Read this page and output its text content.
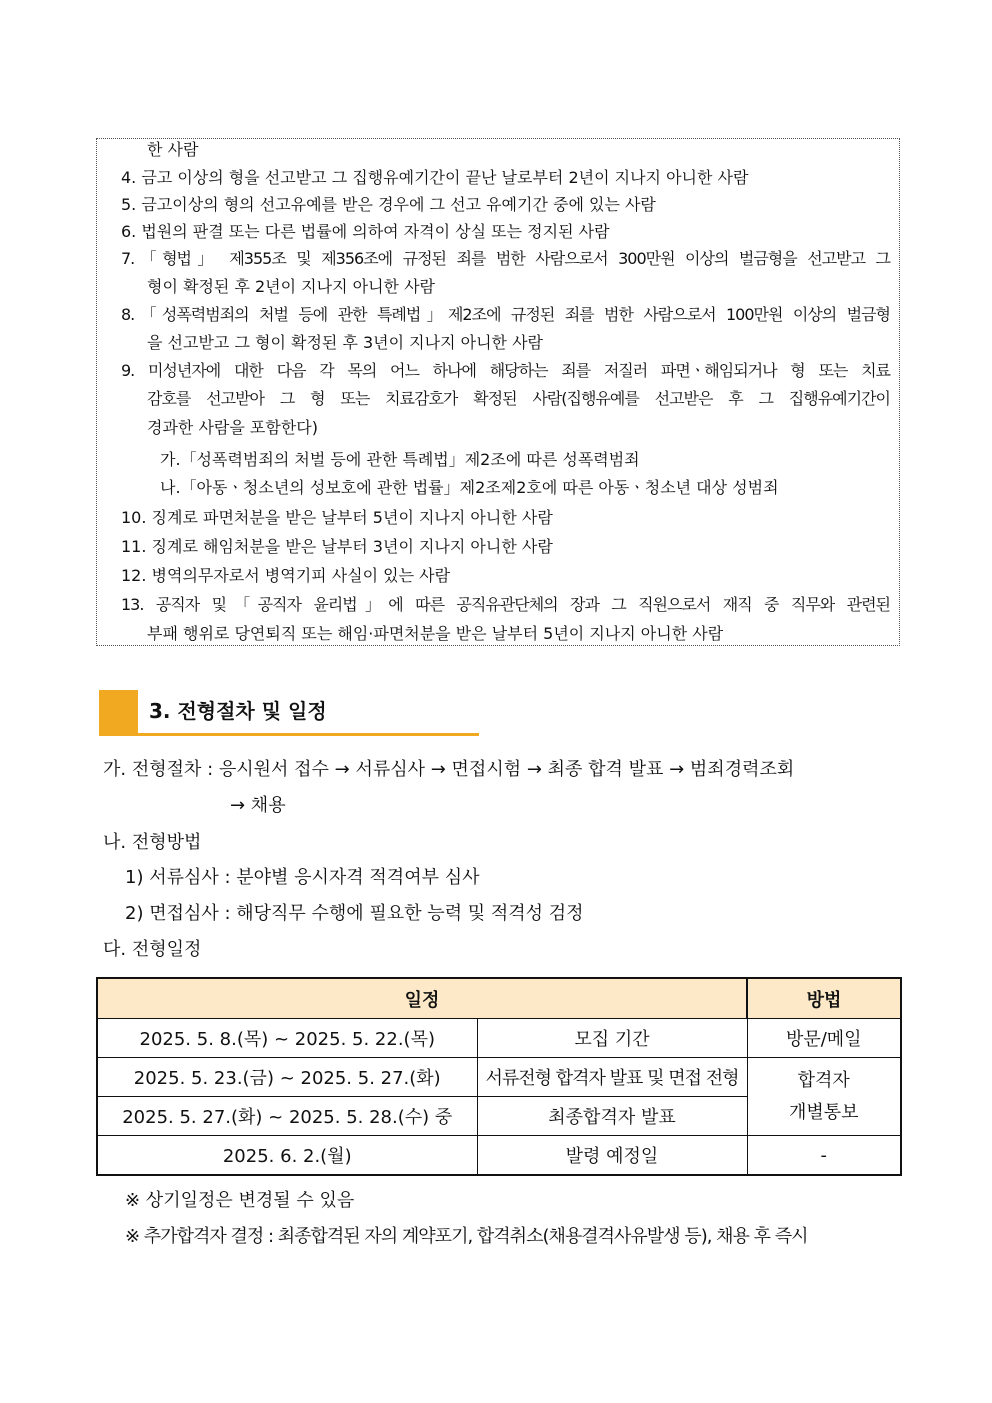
한 사람
4. 금고 이상의 형을 선고받고 그 집행유예기간이 끝난 날로부터 2년이 지나지 아니한 사람
5. 금고이상의 형의 선고유예를 받은 경우에 그 선고 유예기간 중에 있는 사람
6. 법원의 판결 또는 다른 법률에 의하여 자격이 상실 또는 정지된 사람
7.「형법」 제355조 및 제356조에 규정된 죄를 범한 사람으로서 300만원 이상의 벌금형을 선고받고 그
형이 확정된 후 2년이 지나지 아니한 사람
8.「성폭력범죄의 처벌 등에 관한 특례법」제2조에 규정된 죄를 범한 사람으로서 100만원 이상의 벌금형
을 선고받고 그 형이 확정된 후 3년이 지나지 아니한 사람
9. 미성년자에 대한 다음 각 목의 어느 하나에 해당하는 죄를 저질러 파면ㆍ해임되거나 형 또는 치료
감호를 선고받아 그 형 또는 치료감호가 확정된 사람(집행유예를 선고받은 후 그 집행유예기간이
경과한 사람을 포함한다)
가.「성폭력범죄의 처벌 등에 관한 특례법」제2조에 따른 성폭력범죄
나.「아동ㆍ청소년의 성보호에 관한 법률」제2조제2호에 따른 아동ㆍ청소년 대상 성범죄
10. 징계로 파면처분을 받은 날부터 5년이 지나지 아니한 사람
11. 징계로 해임처분을 받은 날부터 3년이 지나지 아니한 사람
12. 병역의무자로서 병역기피 사실이 있는 사람
13. 공직자 및「공직자 윤리법」에 따른 공직유관단체의 장과 그 직원으로서 재직 중 직무와 관련된
부패 행위로 당연퇴직 또는 해임·파면처분을 받은 날부터 5년이 지나지 아니한 사람
3. 전형절차 및 일정
가. 전형절차 : 응시원서 접수 → 서류심사 → 면접시험 → 최종 합격 발표 → 범죄경력조회
→ 채용
나. 전형방법
1) 서류심사 : 분야별 응시자격 적격여부 심사
2) 면접심사 : 해당직무 수행에 필요한 능력 및 적격성 검정
다. 전형일정
일정		방법
2025. 5. 8.(목) ~ 2025. 5. 22.(목)	모집 기간	방문/메일
2025. 5. 23.(금) ~ 2025. 5. 27.(화)	서류전형 합격자 발표 및 면접 전형	합격자
개별통보

2025. 5. 27.(화) ~ 2025. 5. 28.(수) 중	최종합격자 발표	
2025. 6. 2.(월)	발령 예정일	-
※ 상기일정은 변경될 수 있음
※ 추가합격자 결정 : 최종합격된 자의 계약포기, 합격취소(채용결격사유발생 등), 채용 후 즉시
